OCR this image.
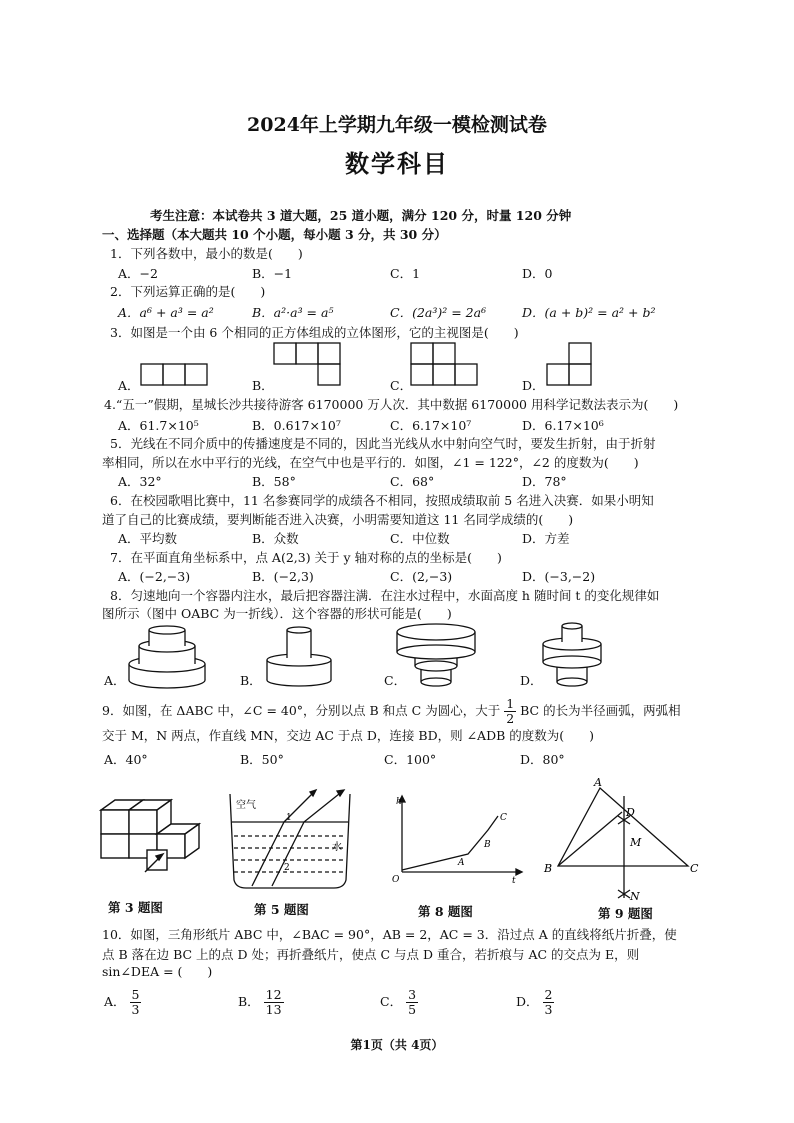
2024年上学期九年级一模检测试卷
数学科目
考生注意：本试卷共 3 道大题，25 道小题，满分 120 分，时量 120 分钟
一、选择题（本大题共 10 个小题，每小题 3 分，共 30 分）
1．下列各数中，最小的数是(　　)
A．−2	B．−1	C．1	D．0
2．下列运算正确的是(　　)
A．a⁶ + a³ = a²	B．a²·a³ = a⁵	C．(2a³)² = 2a⁶	D．(a + b)² = a² + b²
3．如图是一个由 6 个相同的正方体组成的立体图形，它的主视图是(　　)
A．	B．	C．	D．
4.“五一”假期，星城长沙共接待游客 6170000 万人次．其中数据 6170000 用科学记数法表示为(　　)
A．61.7×10⁵	B．0.617×10⁷	C．6.17×10⁷	D．6.17×10⁶
5．光线在不同介质中的传播速度是不同的，因此当光线从水中射向空气时，要发生折射，由于折射
率相同，所以在水中平行的光线，在空气中也是平行的．如图，∠1 = 122°，∠2 的度数为(　　)
A．32°	B．58°	C．68°	D．78°
6．在校园歌唱比赛中，11 名参赛同学的成绩各不相同，按照成绩取前 5 名进入决赛．如果小明知
道了自己的比赛成绩，要判断能否进入决赛，小明需要知道这 11 名同学成绩的(　　)
A．平均数	B．众数	C．中位数	D．方差
7．在平面直角坐标系中，点 A(2,3) 关于 y 轴对称的点的坐标是(　　)
A．(−2,−3)	B．(−2,3)	C．(2,−3)	D．(−3,−2)
8．匀速地向一个容器内注水，最后把容器注满．在注水过程中，水面高度 h 随时间 t 的变化规律如
图所示（图中 OABC 为一折线）．这个容器的形状可能是(　　)
A．	B．	C．	D．
9．如图，在 ΔABC 中，∠C = 40°，分别以点 B 和点 C 为圆心，大于 $\frac{1}{2}$ BC 的长为半径画弧，两弧相
交于 M，N 两点，作直线 MN，交边 AC 于点 D，连接 BD，则 ∠ADB 的度数为(　　)
A．40°	B．50°	C．100°	D．80°
第 3 题图
空气
水
1
2
第 5 题图
h
t
O
A
B
C
第 8 题图
A
B	C
D
M
N
第 9 题图
10．如图，三角形纸片 ABC 中，∠BAC = 90°，AB = 2，AC = 3．沿过点 A 的直线将纸片折叠，使
点 B 落在边 BC 上的点 D 处；再折叠纸片，使点 C 与点 D 重合，若折痕与 AC 的交点为 E，则
sin∠DEA = (　　)
A． $\frac{5}{3}$	B． $\frac{12}{13}$	C． $\frac{3}{5}$	D． $\frac{2}{3}$
第1页（共 4页）
